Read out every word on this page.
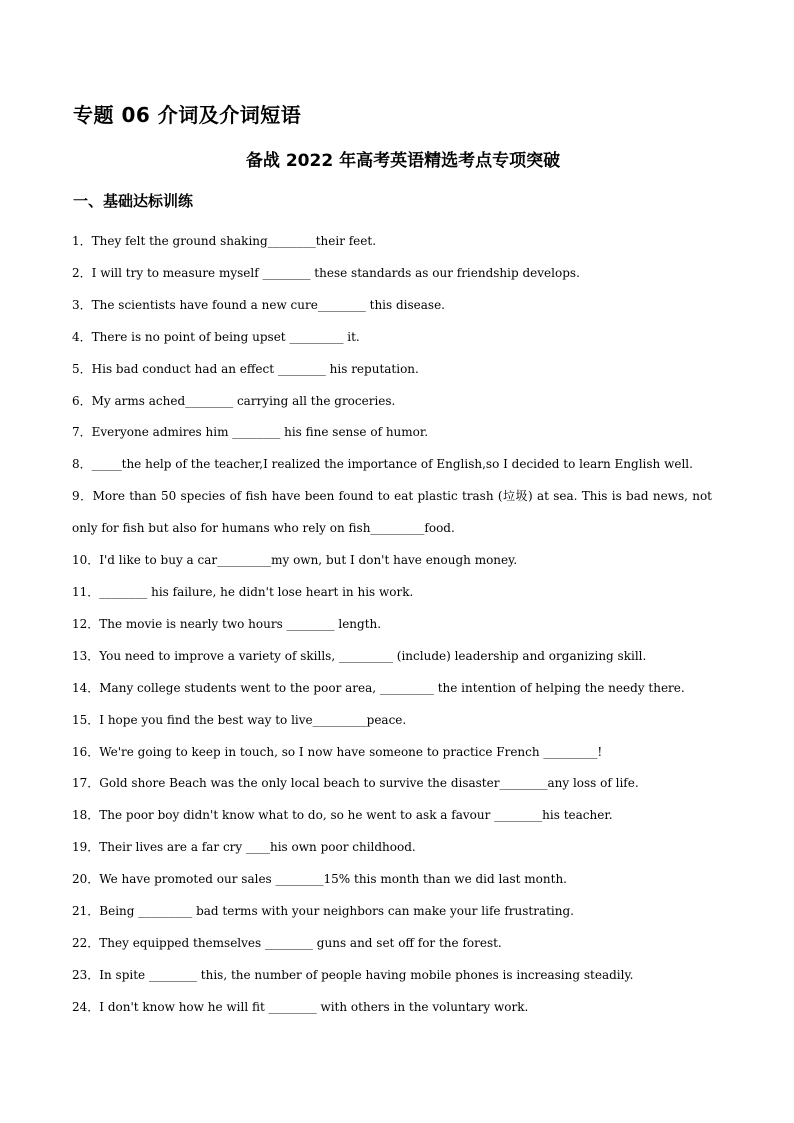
专题 06 介词及介词短语
备战 2022 年高考英语精选考点专项突破
一、基础达标训练
1．They felt the ground shaking________their feet.
2．I will try to measure myself ________ these standards as our friendship develops.
3．The scientists have found a new cure________ this disease.
4．There is no point of being upset _________ it.
5．His bad conduct had an effect ________ his reputation.
6．My arms ached________ carrying all the groceries.
7．Everyone admires him ________ his fine sense of humor.
8．_____the help of the teacher,I realized the importance of English,so I decided to learn English well.
9．More than 50 species of fish have been found to eat plastic trash (垃圾) at sea. This is bad news, not only for fish but also for humans who rely on fish_________food.
10．I'd like to buy a car_________my own, but I don't have enough money.
11．________ his failure, he didn't lose heart in his work.
12．The movie is nearly two hours ________ length.
13．You need to improve a variety of skills, _________ (include) leadership and organizing skill.
14．Many college students went to the poor area, _________ the intention of helping the needy there.
15．I hope you find the best way to live_________peace.
16．We're going to keep in touch, so I now have someone to practice French _________!
17．Gold shore Beach was the only local beach to survive the disaster________any loss of life.
18．The poor boy didn't know what to do, so he went to ask a favour ________his teacher.
19．Their lives are a far cry ____his own poor childhood.
20．We have promoted our sales ________15% this month than we did last month.
21．Being _________ bad terms with your neighbors can make your life frustrating.
22．They equipped themselves ________ guns and set off for the forest.
23．In spite ________ this, the number of people having mobile phones is increasing steadily.
24．I don't know how he will fit ________ with others in the voluntary work.
